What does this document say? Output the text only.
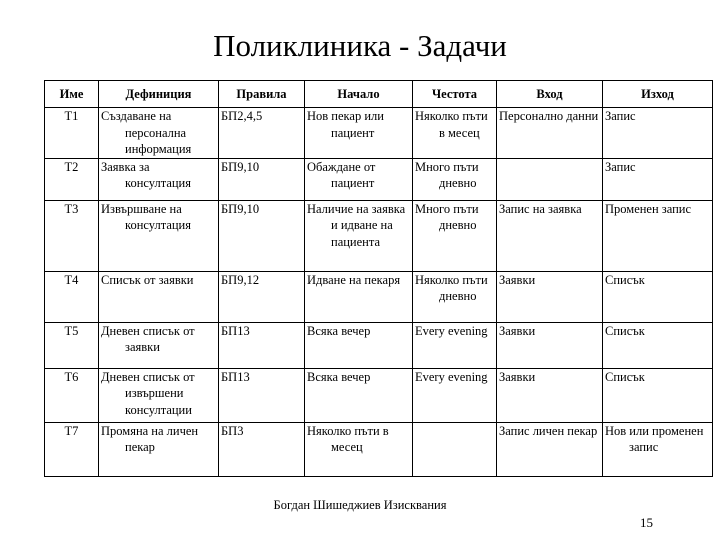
Поликлиника - Задачи
Име	Дефиниция	Правила	Начало	Честота	Вход	Изход
T1	Създаване на персонална информация	БП2,4,5	Нов пекар или пациент	Няколко пъти в месец	Персонално данни	Запис
T2	Заявка за консултация	БП9,10	Обаждане от пациент	Много пъти дневно		Запис
T3	Извършване на консултация	БП9,10	Наличие на заявка и идване на пациента	Много пъти дневно	Запис на заявка	Променен запис
T4	Списък от заявки	БП9,12	Идване на пекаря	Няколко пъти дневно	Заявки	Списък
T5	Дневен списък от заявки	БП13	Всяка вечер	Every evening	Заявки	Списък
T6	Дневен списък от извършени консултации	БП13	Всяка вечер	Every evening	Заявки	Списък
T7	Промяна на личен пекар	БП3	Няколко пъти в месец		Запис личен пекар	Нов или променен запис
Богдан Шишеджиев Изисквания
15
